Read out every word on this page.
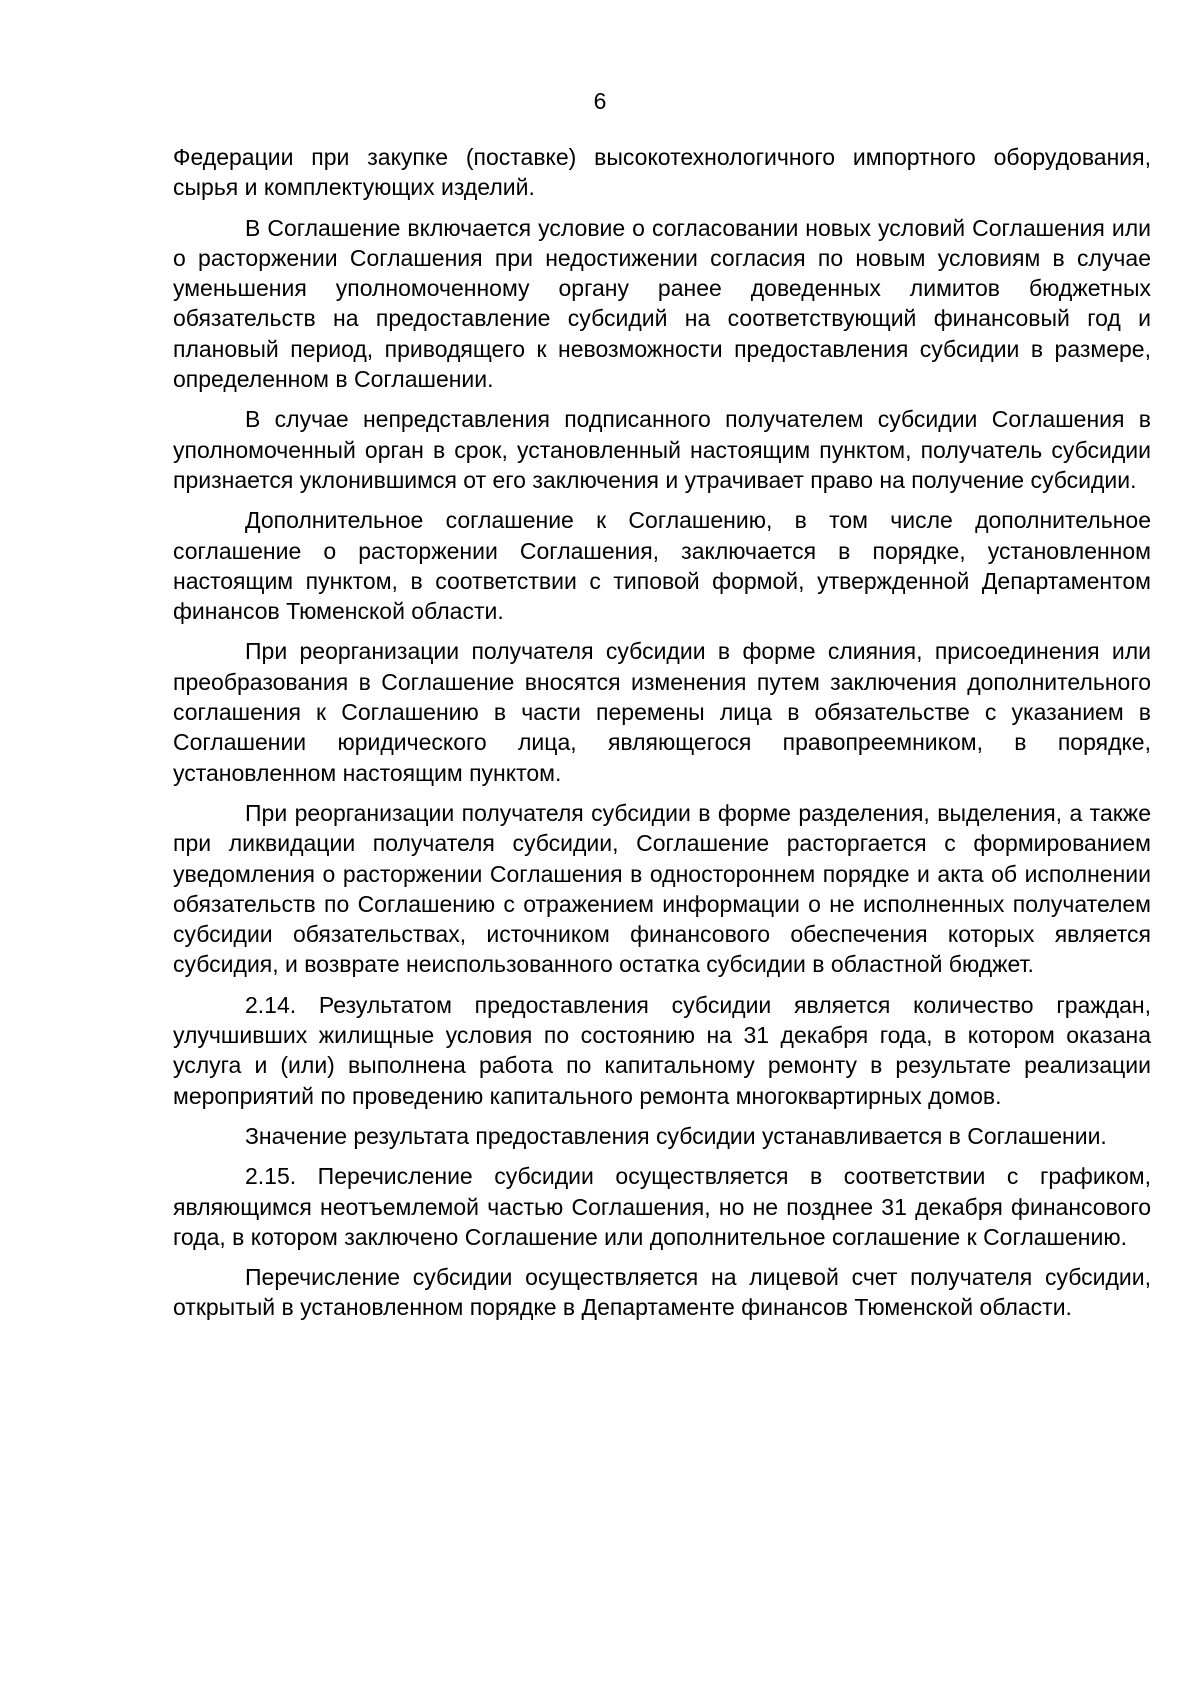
6

Федерации при закупке (поставке) высокотехнологичного импортного оборудования, сырья и комплектующих изделий.

В Соглашение включается условие о согласовании новых условий Соглашения или о расторжении Соглашения при недостижении согласия по новым условиям в случае уменьшения уполномоченному органу ранее доведенных лимитов бюджетных обязательств на предоставление субсидий на соответствующий финансовый год и плановый период, приводящего к невозможности предоставления субсидии в размере, определенном в Соглашении.

В случае непредставления подписанного получателем субсидии Соглашения в уполномоченный орган в срок, установленный настоящим пунктом, получатель субсидии признается уклонившимся от его заключения и утрачивает право на получение субсидии.

Дополнительное соглашение к Соглашению, в том числе дополнительное соглашение о расторжении Соглашения, заключается в порядке, установленном настоящим пунктом, в соответствии с типовой формой, утвержденной Департаментом финансов Тюменской области.

При реорганизации получателя субсидии в форме слияния, присоединения или преобразования в Соглашение вносятся изменения путем заключения дополнительного соглашения к Соглашению в части перемены лица в обязательстве с указанием в Соглашении юридического лица, являющегося правопреемником, в порядке, установленном настоящим пунктом.

При реорганизации получателя субсидии в форме разделения, выделения, а также при ликвидации получателя субсидии, Соглашение расторгается с формированием уведомления о расторжении Соглашения в одностороннем порядке и акта об исполнении обязательств по Соглашению с отражением информации о не исполненных получателем субсидии обязательствах, источником финансового обеспечения которых является субсидия, и возврате неиспользованного остатка субсидии в областной бюджет.

2.14. Результатом предоставления субсидии является количество граждан, улучшивших жилищные условия по состоянию на 31 декабря года, в котором оказана услуга и (или) выполнена работа по капитальному ремонту в результате реализации мероприятий по проведению капитального ремонта многоквартирных домов.

Значение результата предоставления субсидии устанавливается в Соглашении.

2.15. Перечисление субсидии осуществляется в соответствии с графиком, являющимся неотъемлемой частью Соглашения, но не позднее 31 декабря финансового года, в котором заключено Соглашение или дополнительное соглашение к Соглашению.

Перечисление субсидии осуществляется на лицевой счет получателя субсидии, открытый в установленном порядке в Департаменте финансов Тюменской области.
